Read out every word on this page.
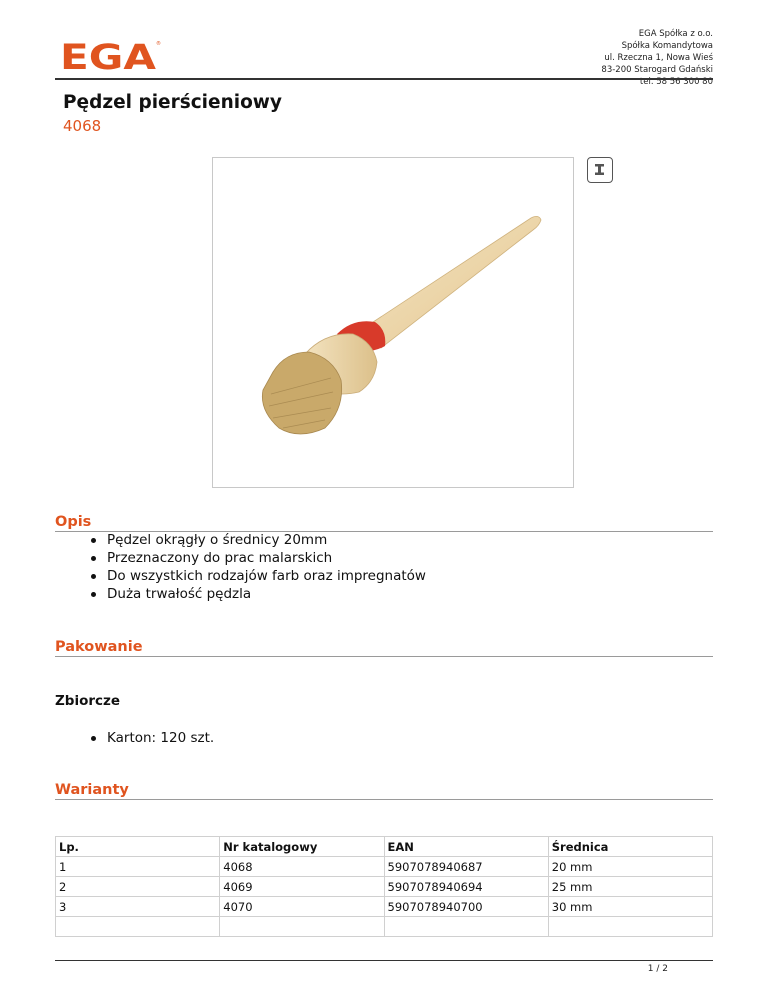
EGA ®
EGA Spółka z o.o.
Spółka Komandytowa
ul. Rzeczna 1, Nowa Wieś
83-200 Starogard Gdański
tel. 58 56 300 80
Pędzel pierścieniowy
4068
Opis
Pędzel okrągły o średnicy 20mm
Przeznaczony do prac malarskich
Do wszystkich rodzajów farb oraz impregnatów
Duża trwałość pędzla
Pakowanie
Zbiorcze
Karton: 120 szt.
Warianty
Lp.	Nr katalogowy	EAN	Średnica
1	4068	5907078940687	20 mm
2	4069	5907078940694	25 mm
3	4070	5907078940700	30 mm

1 / 2
